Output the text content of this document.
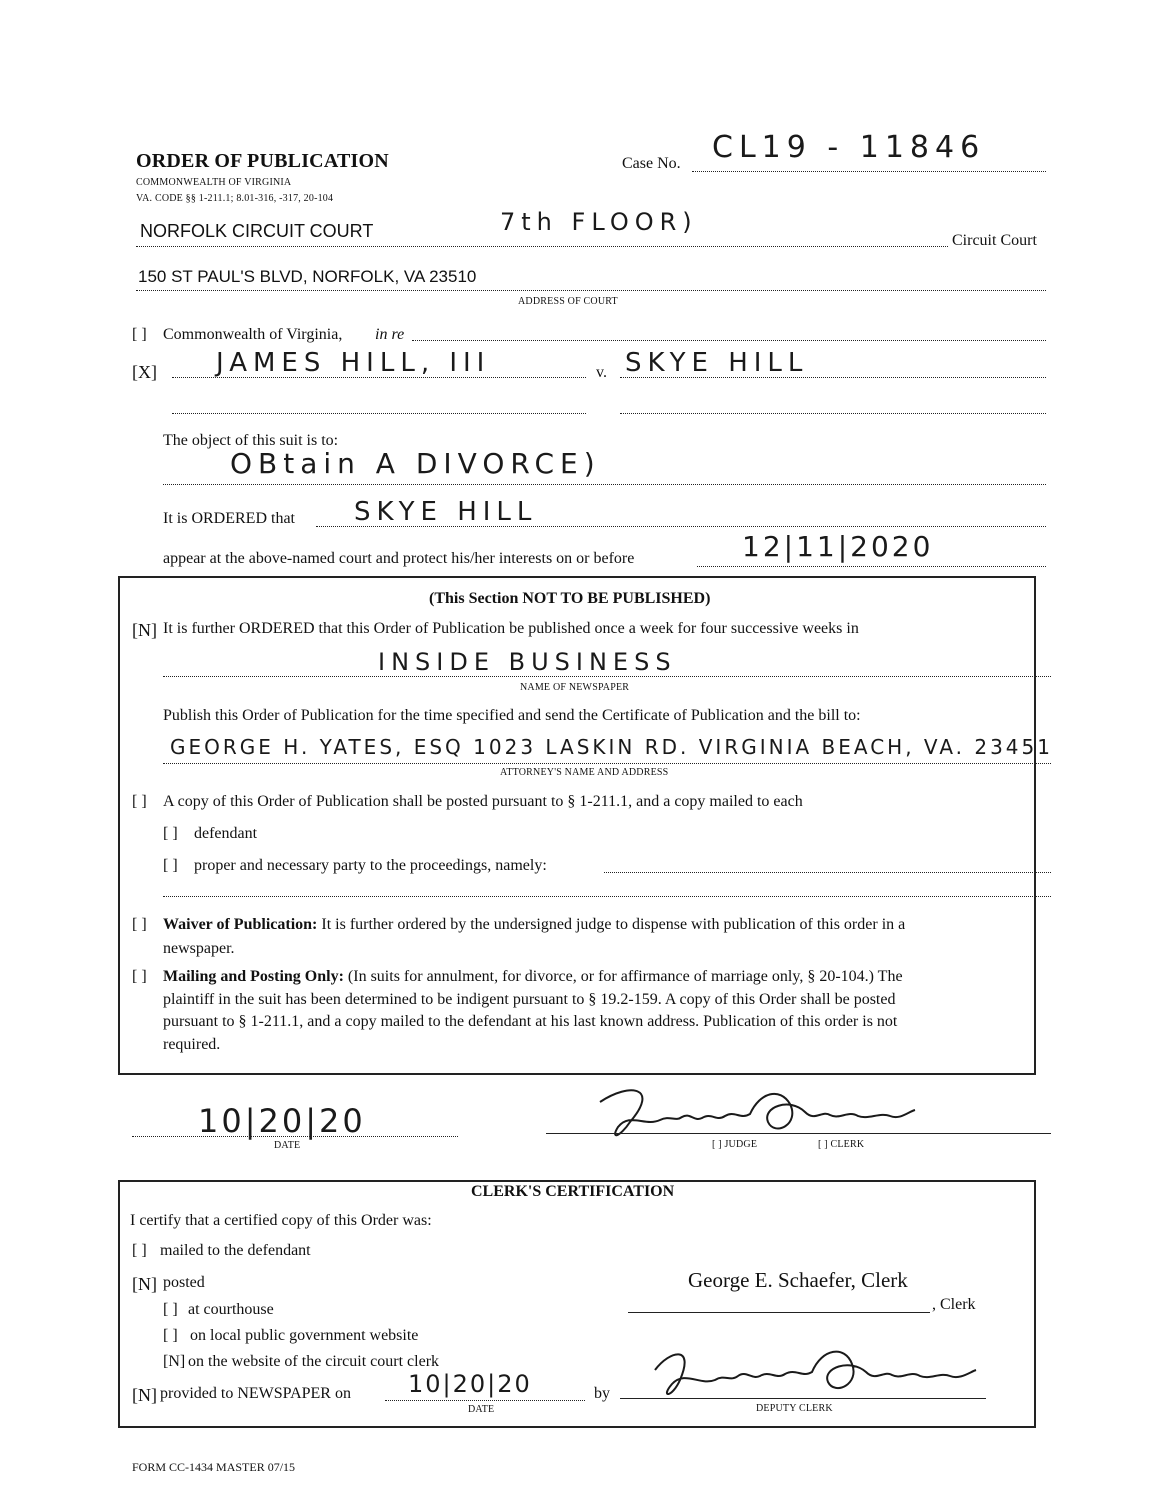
ORDER OF PUBLICATION
COMMONWEALTH OF VIRGINIA
VA. CODE §§ 1-211.1; 8.01-316, -317, 20-104
Case No. CL19 - 11846
NORFOLK CIRCUIT COURT	7th FLOOR)
Circuit Court
150 ST PAUL'S BLVD, NORFOLK, VA 23510
ADDRESS OF COURT
[ ] Commonwealth of Virginia, in re
[X] JAMES HILL, III	v. SKYE HILL
The object of this suit is to:
OBtain A DIVORCE)
It is ORDERED that SKYE HILL
appear at the above-named court and protect his/her interests on or before	12|11|2020
(This Section NOT TO BE PUBLISHED)
[N] It is further ORDERED that this Order of Publication be published once a week for four successive weeks in
INSIDE BUSINESS
NAME OF NEWSPAPER
Publish this Order of Publication for the time specified and send the Certificate of Publication and the bill to:
GEORGE H. YATES, ESQ 1023 LASKIN RD. VIRGINIA BEACH, VA. 23451
ATTORNEY'S NAME AND ADDRESS
[ ] A copy of this Order of Publication shall be posted pursuant to § 1-211.1, and a copy mailed to each
[ ] defendant
[ ] proper and necessary party to the proceedings, namely:
[ ] Waiver of Publication: It is further ordered by the undersigned judge to dispense with publication of this order in a
newspaper.
[ ] Mailing and Posting Only: (In suits for annulment, for divorce, or for affirmance of marriage only, § 20-104.) The
plaintiff in the suit has been determined to be indigent pursuant to § 19.2-159. A copy of this Order shall be posted
pursuant to § 1-211.1, and a copy mailed to the defendant at his last known address. Publication of this order is not
required.
10|20|20
DATE	[ ] JUDGE	[ ] CLERK
CLERK'S CERTIFICATION
I certify that a certified copy of this Order was:
[ ] mailed to the defendant
[N] posted
[ ] at courthouse
[ ] on local public government website
[N] on the website of the circuit court clerk
[N] provided to NEWSPAPER on 10|20|20
DATE
by
George E. Schaefer, Clerk
, Clerk
DEPUTY CLERK
FORM CC-1434 MASTER 07/15
